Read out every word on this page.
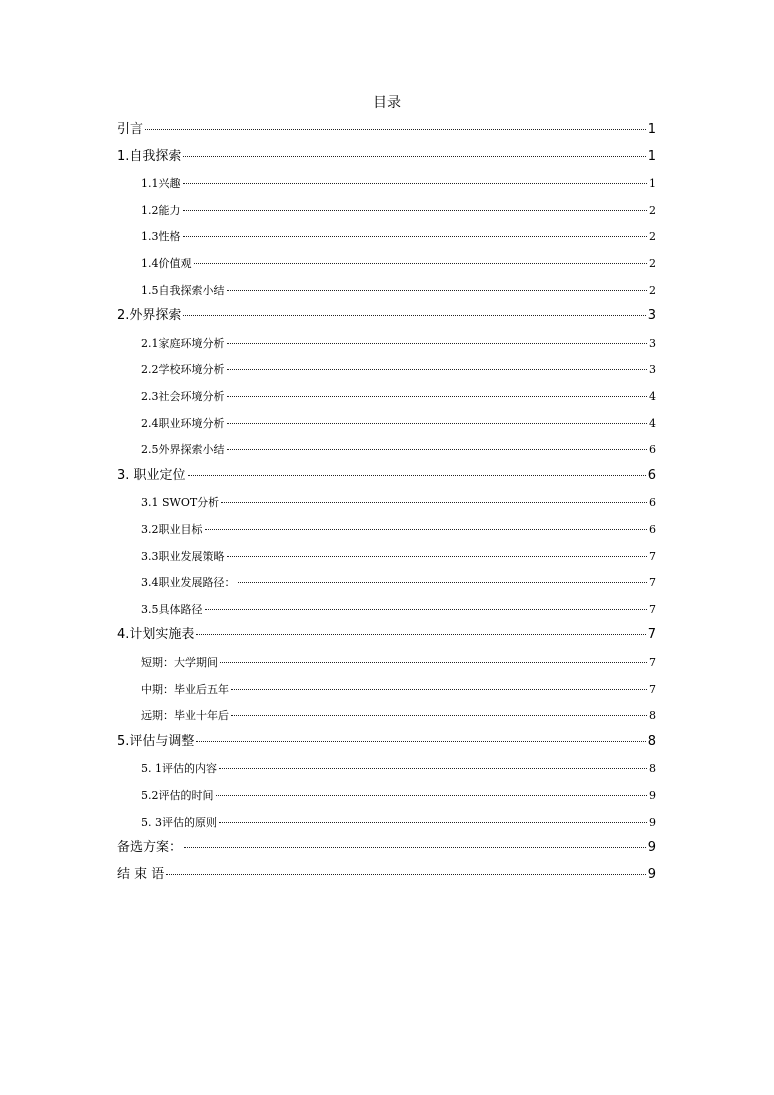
目录
引言	1
1.自我探索	1
1.1兴趣	1
1.2能力	2
1.3性格	2
1.4价值观	2
1.5自我探索小结	2
2.外界探索	3
2.1家庭环境分析	3
2.2学校环境分析	3
2.3社会环境分析	4
2.4职业环境分析	4
2.5外界探索小结	6
3. 职业定位	6
3.1 SWOT分析	6
3.2职业目标	6
3.3职业发展策略	7
3.4职业发展路径：	7
3.5具体路径	7
4.计划实施表	7
短期：大学期间	7
中期：毕业后五年	7
远期：毕业十年后	8
5.评估与调整	8
5. 1评估的内容	8
5.2评估的时间	9
5. 3评估的原则	9
备选方案：	9
结 束 语	9
